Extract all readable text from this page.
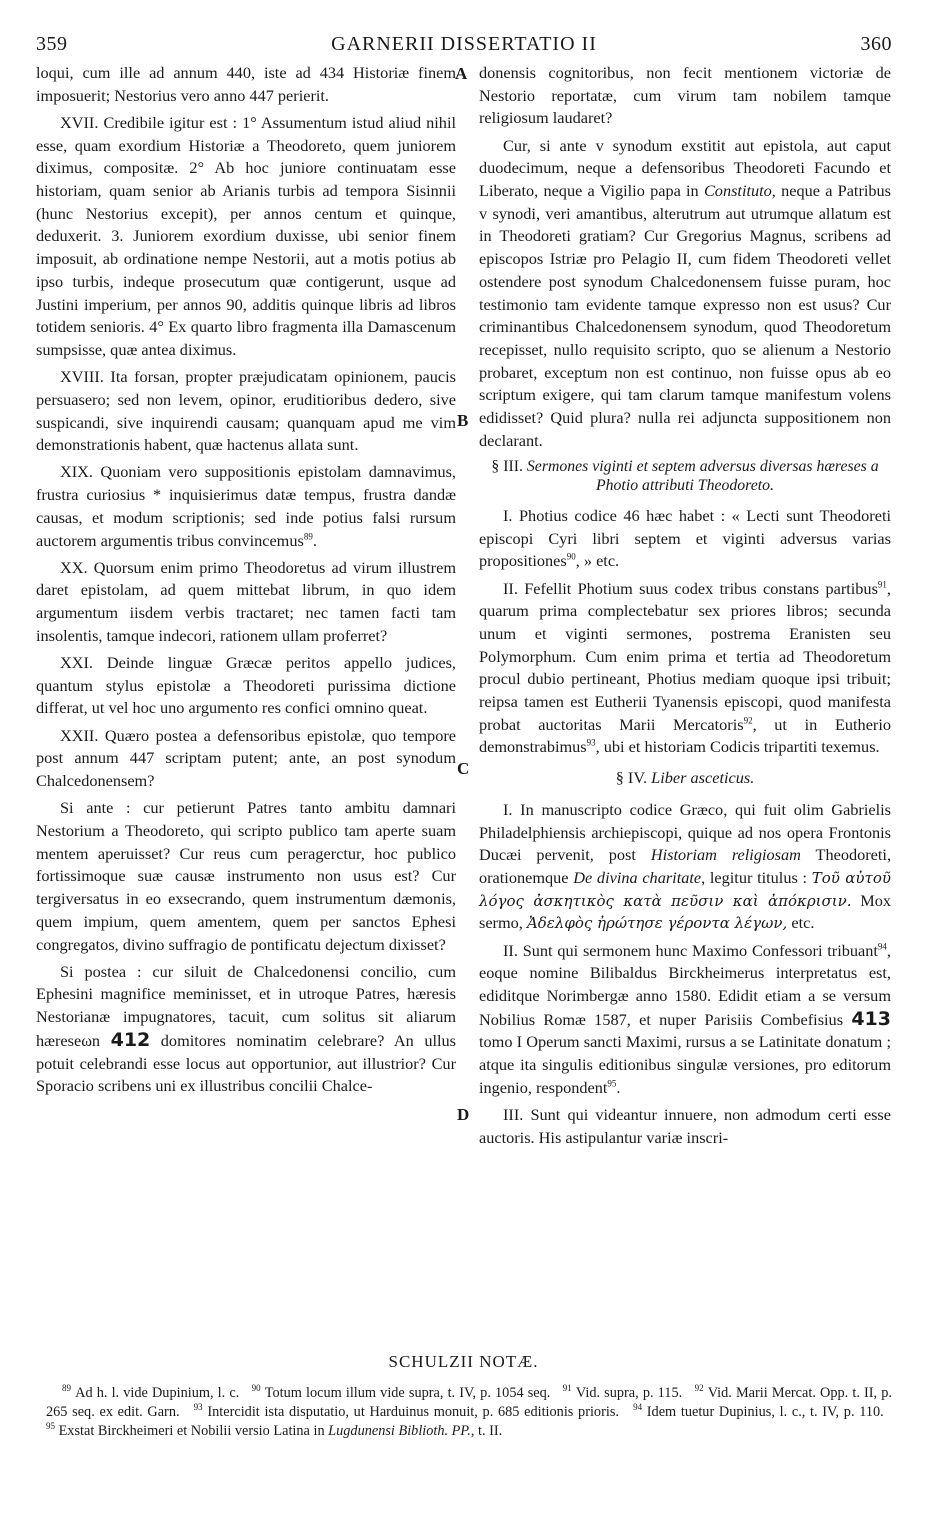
359	GARNERII DISSERTATIO II	360
A
B
C
D

loqui, cum ille ad annum 440, iste ad 434 Historiæ finem imposuerit; Nestorius vero anno 447 perierit.

XVII. Credibile igitur est : 1° Assumentum istud aliud nihil esse, quam exordium Historiæ a Theodoreto, quem juniorem diximus, compositæ. 2° Ab hoc juniore continuatam esse historiam, quam senior ab Arianis turbis ad tempora Sisinnii (hunc Nestorius excepit), per annos centum et quinque, deduxerit. 3. Juniorem exordium duxisse, ubi senior finem imposuit, ab ordinatione nempe Nestorii, aut a motis potius ab ipso turbis, indeque prosecutum quæ contigerunt, usque ad Justini imperium, per annos 90, additis quinque libris ad libros totidem senioris. 4° Ex quarto libro fragmenta illa Damascenum sumpsisse, quæ antea diximus.

XVIII. Ita forsan, propter præjudicatam opinionem, paucis persuasero; sed non levem, opinor, eruditioribus dedero, sive suspicandi, sive inquirendi causam; quanquam apud me vim demonstrationis habent, quæ hactenus allata sunt.

XIX. Quoniam vero suppositionis epistolam damnavimus, frustra curiosius * inquisierimus datæ tempus, frustra dandæ causas, et modum scriptionis; sed inde potius falsi rursum auctorem argumentis tribus convincemus$^{89}$.

XX. Quorsum enim primo Theodoretus ad virum illustrem daret epistolam, ad quem mittebat librum, in quo idem argumentum iisdem verbis tractaret; nec tamen facti tam insolentis, tamque indecori, rationem ullam proferret?

XXI. Deinde linguæ Græcæ peritos appello judices, quantum stylus epistolæ a Theodoreti purissima dictione differat, ut vel hoc uno argumento res confici omnino queat.

XXII. Quæro postea a defensoribus epistolæ, quo tempore post annum 447 scriptam putent; ante, an post synodum Chalcedonensem?

Si ante : cur petierunt Patres tanto ambitu damnari Nestorium a Theodoreto, qui scripto publico tam aperte suam mentem aperuisset? Cur reus cum peragerctur, hoc publico fortissimoque suæ causæ instrumento non usus est? Cur tergiversatus in eo exsecrando, quem instrumentum dæmonis, quem impium, quem amentem, quem per sanctos Ephesi congregatos, divino suffragio de pontificatu dejectum dixisset?

Si postea : cur siluit de Chalcedonensi concilio, cum Ephesini magnifice meminisset, et in utroque Patres, hæresis Nestorianæ impugnatores, tacuit, cum solitus sit aliarum hæreseωn 412 domitores nominatim celebrare? An ullus potuit celebrandi esse locus aut opportunior, aut illustrior? Cur Sporacio scribens uni ex illustribus concilii Chalce-

donensis cognitoribus, non fecit mentionem victoriæ de Nestorio reportatæ, cum virum tam nobilem tamque religiosum laudaret?

Cur, si ante v synodum exstitit aut epistola, aut caput duodecimum, neque a defensoribus Theodoreti Facundo et Liberato, neque a Vigilio papa in Constituto, neque a Patribus v synodi, veri amantibus, alterutrum aut utrumque allatum est in Theodoreti gratiam? Cur Gregorius Magnus, scribens ad episcopos Istriæ pro Pelagio II, cum fidem Theodoreti vellet ostendere post synodum Chalcedonensem fuisse puram, hoc testimonio tam evidente tamque expresso non est usus? Cur criminantibus Chalcedonensem synodum, quod Theodoretum recepisset, nullo requisito scripto, quo se alienum a Nestorio probaret, exceptum non est continuo, non fuisse opus ab eo scriptum exigere, qui tam clarum tamque manifestum volens edidisset? Quid plura? nulla rei adjuncta suppositionem non declarant.

§ III. Sermones viginti et septem adversus diversas hæreses a Photio attributi Theodoreto.

I. Photius codice 46 hæc habet : « Lecti sunt Theodoreti episcopi Cyri libri septem et viginti adversus varias propositiones$^{90}$, » etc.

II. Fefellit Photium suus codex tribus constans partibus$^{91}$, quarum prima complectebatur sex priores libros; secunda unum et viginti sermones, postrema Eranisten seu Polymorphum. Cum enim prima et tertia ad Theodoretum procul dubio pertineant, Photius mediam quoque ipsi tribuit; reipsa tamen est Eutherii Tyanensis episcopi, quod manifesta probat auctoritas Marii Mercatoris$^{92}$, ut in Eutherio demonstrabimus$^{93}$, ubi et historiam Codicis tripartiti texemus.

§ IV. Liber asceticus.

I. In manuscripto codice Græco, qui fuit olim Gabrielis Philadelphiensis archiepiscopi, quique ad nos opera Frontonis Ducæi pervenit, post Historiam religiosam Theodoreti, orationemque De divina charitate, legitur titulus : Τοῦ αὐτοῦ λόγος ἀσκητικὸς κατὰ πεῦσιν καὶ ἀπόκρισιν. Mox sermo, Ἀδελφὸς ἠρώτησε γέροντα λέγων, etc.

II. Sunt qui sermonem hunc Maximo Confessori tribuant$^{94}$, eoque nomine Bilibaldus Birckheimerus interpretatus est, ediditque Norimbergæ anno 1580. Edidit etiam a se versum Nobilius Romæ 1587, et nuper Parisiis Combefisius 413 tomo I Operum sancti Maximi, rursus a se Latinitate donatum ; atque ita singulis editionibus singulæ versiones, pro editorum ingenio, respondent$^{95}$.

III. Sunt qui videantur innuere, non admodum certi esse auctoris. His astipulantur variæ inscri-

SCHULZII NOTÆ.
$^{89}$ Ad h. l. vide Dupinium, l. c. $^{90}$ Totum locum illum vide supra, t. IV, p. 1054 seq. $^{91}$ Vid. supra, p. 115. $^{92}$ Vid. Marii Mercat. Opp. t. II, p. 265 seq. ex edit. Garn. $^{93}$ Intercidit ista disputatio, ut Harduinus monuit, p. 685 editionis prioris. $^{94}$ Idem tuetur Dupinius, l. c., t. IV, p. 110.   $^{95}$ Exstat Birckheimeri et Nobilii versio Latina in Lugdunensi Biblioth. PP., t. II.
